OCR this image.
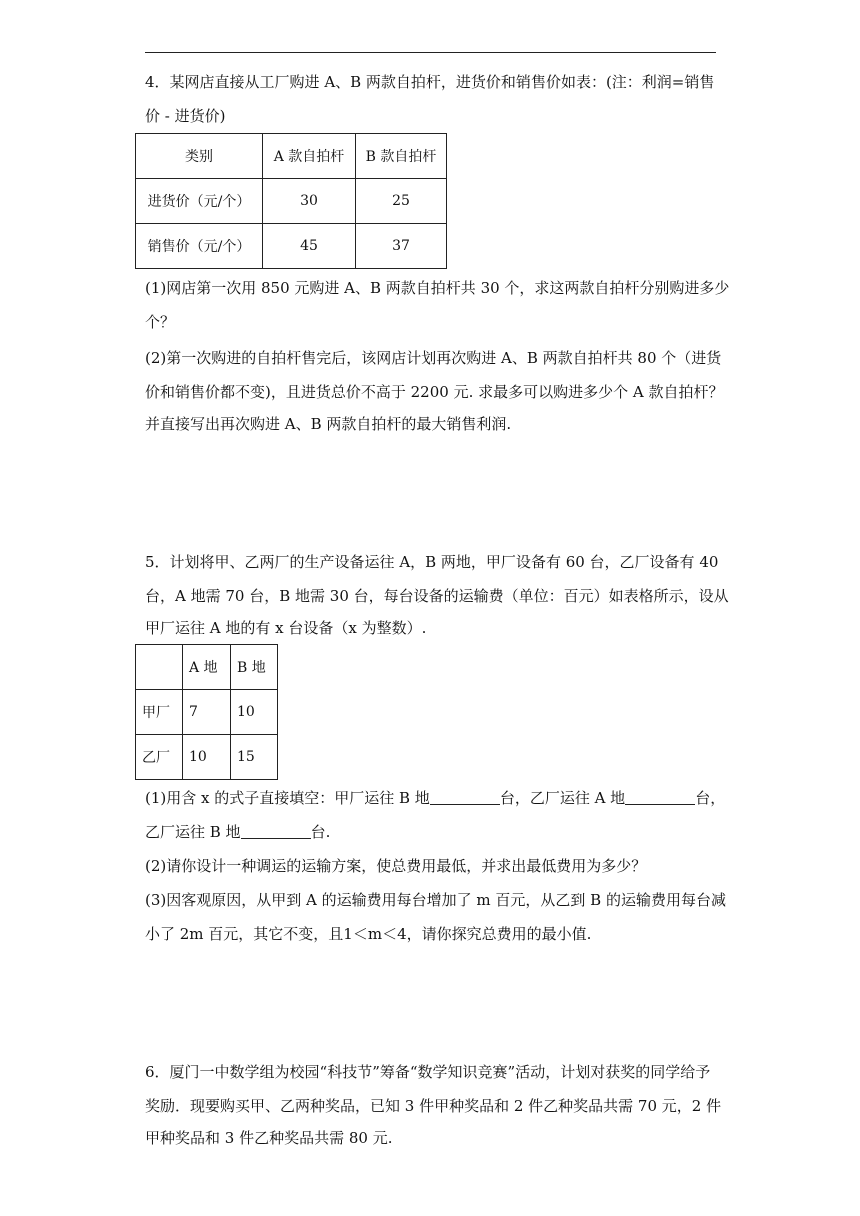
4．某网店直接从工厂购进 A、B 两款自拍杆，进货价和销售价如表：(注：利润=销售
价 - 进货价)
类别	A 款自拍杆	B 款自拍杆
进货价（元/个）	30	25
销售价（元/个）	45	37
(1)网店第一次用 850 元购进 A、B 两款自拍杆共 30 个，求这两款自拍杆分别购进多少
个？
(2)第一次购进的自拍杆售完后，该网店计划再次购进 A、B 两款自拍杆共 80 个（进货
价和销售价都不变)，且进货总价不高于 2200 元. 求最多可以购进多少个 A 款自拍杆？
并直接写出再次购进 A、B 两款自拍杆的最大销售利润.
5．计划将甲、乙两厂的生产设备运往 A，B 两地，甲厂设备有 60 台，乙厂设备有 40
台，A 地需 70 台，B 地需 30 台，每台设备的运输费（单位：百元）如表格所示，设从
甲厂运往 A 地的有 x 台设备（x 为整数）.
	A 地	B 地
甲厂	7	10
乙厂	10	15
(1)用含 x 的式子直接填空：甲厂运往 B 地	台，乙厂运往 A 地	台，
乙厂运往 B 地	台.
(2)请你设计一种调运的运输方案，使总费用最低，并求出最低费用为多少？
(3)因客观原因，从甲到 A 的运输费用每台增加了 m 百元，从乙到 B 的运输费用每台减
小了 2m 百元，其它不变，且1＜m＜4，请你探究总费用的最小值.
6．厦门一中数学组为校园“科技节”筹备“数学知识竞赛”活动，计划对获奖的同学给予
奖励．现要购买甲、乙两种奖品，已知 3 件甲种奖品和 2 件乙种奖品共需 70 元，2 件
甲种奖品和 3 件乙种奖品共需 80 元.
